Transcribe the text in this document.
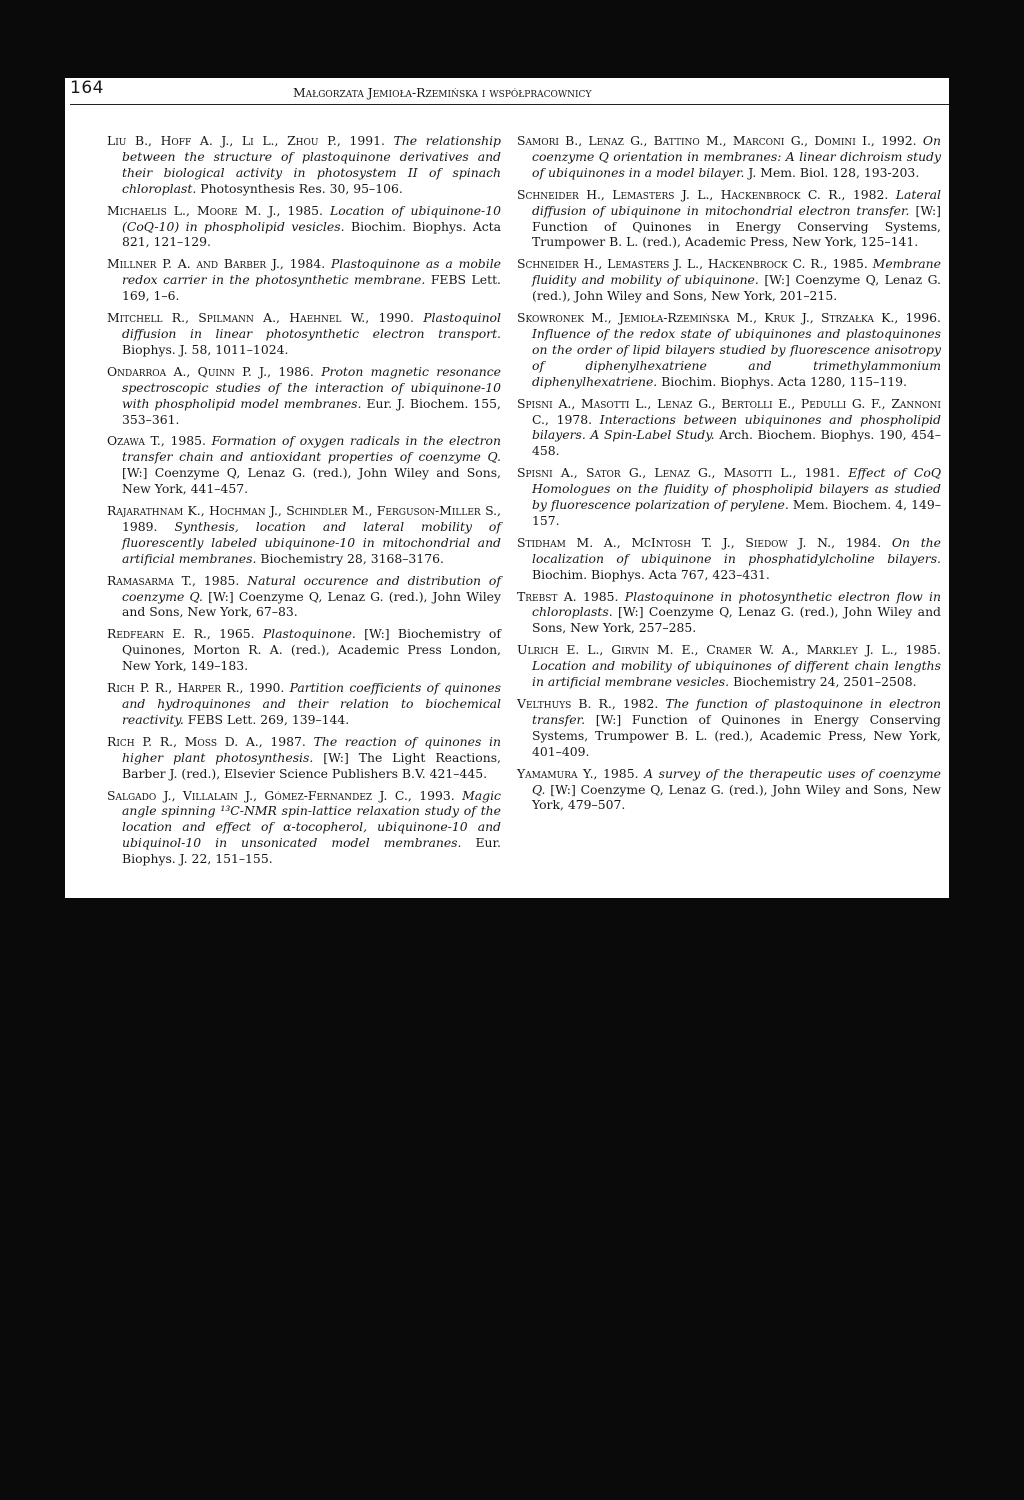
164	Małgorzata Jemioła-Rzemińska i współpracownicy

Liu B., Hoff A. J., Li L., Zhou P., 1991. The relationship between the structure of plastoquinone derivatives and their biological activity in photosystem II of spinach chloroplast. Photosynthesis Res. 30, 95–106.

Michaelis L., Moore M. J., 1985. Location of ubiquinone-10 (CoQ-10) in phospholipid vesicles. Biochim. Biophys. Acta 821, 121–129.

Millner P. A. and Barber J., 1984. Plastoquinone as a mobile redox carrier in the photosynthetic membrane. FEBS Lett. 169, 1–6.

Mitchell R., Spilmann A., Haehnel W., 1990. Plastoquinol diffusion in linear photosynthetic electron transport. Biophys. J. 58, 1011–1024.

Ondarroa A., Quinn P. J., 1986. Proton magnetic resonance spectroscopic studies of the interaction of ubiquinone-10 with phospholipid model membranes. Eur. J. Biochem. 155, 353–361.

Ozawa T., 1985. Formation of oxygen radicals in the electron transfer chain and antioxidant properties of coenzyme Q. [W:] Coenzyme Q, Lenaz G. (red.), John Wiley and Sons, New York, 441–457.

Rajarathnam K., Hochman J., Schindler M., Ferguson-Miller S., 1989. Synthesis, location and lateral mobility of fluorescently labeled ubiquinone-10 in mitochondrial and artificial membranes. Biochemistry 28, 3168–3176.

Ramasarma T., 1985. Natural occurence and distribution of coenzyme Q. [W:] Coenzyme Q, Lenaz G. (red.), John Wiley and Sons, New York, 67–83.

Redfearn E. R., 1965. Plastoquinone. [W:] Biochemistry of Quinones, Morton R. A. (red.), Academic Press London, New York, 149–183.

Rich P. R., Harper R., 1990. Partition coefficients of quinones and hydroquinones and their relation to biochemical reactivity. FEBS Lett. 269, 139–144.

Rich P. R., Moss D. A., 1987. The reaction of quinones in higher plant photosynthesis. [W:] The Light Reactions, Barber J. (red.), Elsevier Science Publishers B.V. 421–445.

Salgado J., Villalain J., Gómez-Fernandez J. C., 1993. Magic angle spinning ¹³C-NMR spin-lattice relaxation study of the location and effect of α-tocopherol, ubiquinone-10 and ubiquinol-10 in unsonicated model membranes. Eur. Biophys. J. 22, 151–155.

Samori B., Lenaz G., Battino M., Marconi G., Domini I., 1992. On coenzyme Q orientation in membranes: A linear dichroism study of ubiquinones in a model bilayer. J. Mem. Biol. 128, 193-203.

Schneider H., Lemasters J. L., Hackenbrock C. R., 1982. Lateral diffusion of ubiquinone in mitochondrial electron transfer. [W:] Function of Quinones in Energy Conserving Systems, Trumpower B. L. (red.), Academic Press, New York, 125–141.

Schneider H., Lemasters J. L., Hackenbrock C. R., 1985. Membrane fluidity and mobility of ubiquinone. [W:] Coenzyme Q, Lenaz G. (red.), John Wiley and Sons, New York, 201–215.

Skowronek M., Jemioła-Rzemińska M., Kruk J., Strzałka K., 1996. Influence of the redox state of ubiquinones and plastoquinones on the order of lipid bilayers studied by fluorescence anisotropy of diphenylhexatriene and trimethylammonium diphenylhexatriene. Biochim. Biophys. Acta 1280, 115–119.

Spisni A., Masotti L., Lenaz G., Bertolli E., Pedulli G. F., Zannoni C., 1978. Interactions between ubiquinones and phospholipid bilayers. A Spin-Label Study. Arch. Biochem. Biophys. 190, 454–458.

Spisni A., Sator G., Lenaz G., Masotti L., 1981. Effect of CoQ Homologues on the fluidity of phospholipid bilayers as studied by fluorescence polarization of perylene. Mem. Biochem. 4, 149–157.

Stidham M. A., McIntosh T. J., Siedow J. N., 1984. On the localization of ubiquinone in phosphatidylcholine bilayers. Biochim. Biophys. Acta 767, 423–431.

Trebst A. 1985. Plastoquinone in photosynthetic electron flow in chloroplasts. [W:] Coenzyme Q, Lenaz G. (red.), John Wiley and Sons, New York, 257–285.

Ulrich E. L., Girvin M. E., Cramer W. A., Markley J. L., 1985. Location and mobility of ubiquinones of different chain lengths in artificial membrane vesicles. Biochemistry 24, 2501–2508.

Velthuys B. R., 1982. The function of plastoquinone in electron transfer. [W:] Function of Quinones in Energy Conserving Systems, Trumpower B. L. (red.), Academic Press, New York, 401–409.

Yamamura Y., 1985. A survey of the therapeutic uses of coenzyme Q. [W:] Coenzyme Q, Lenaz G. (red.), John Wiley and Sons, New York, 479–507.
